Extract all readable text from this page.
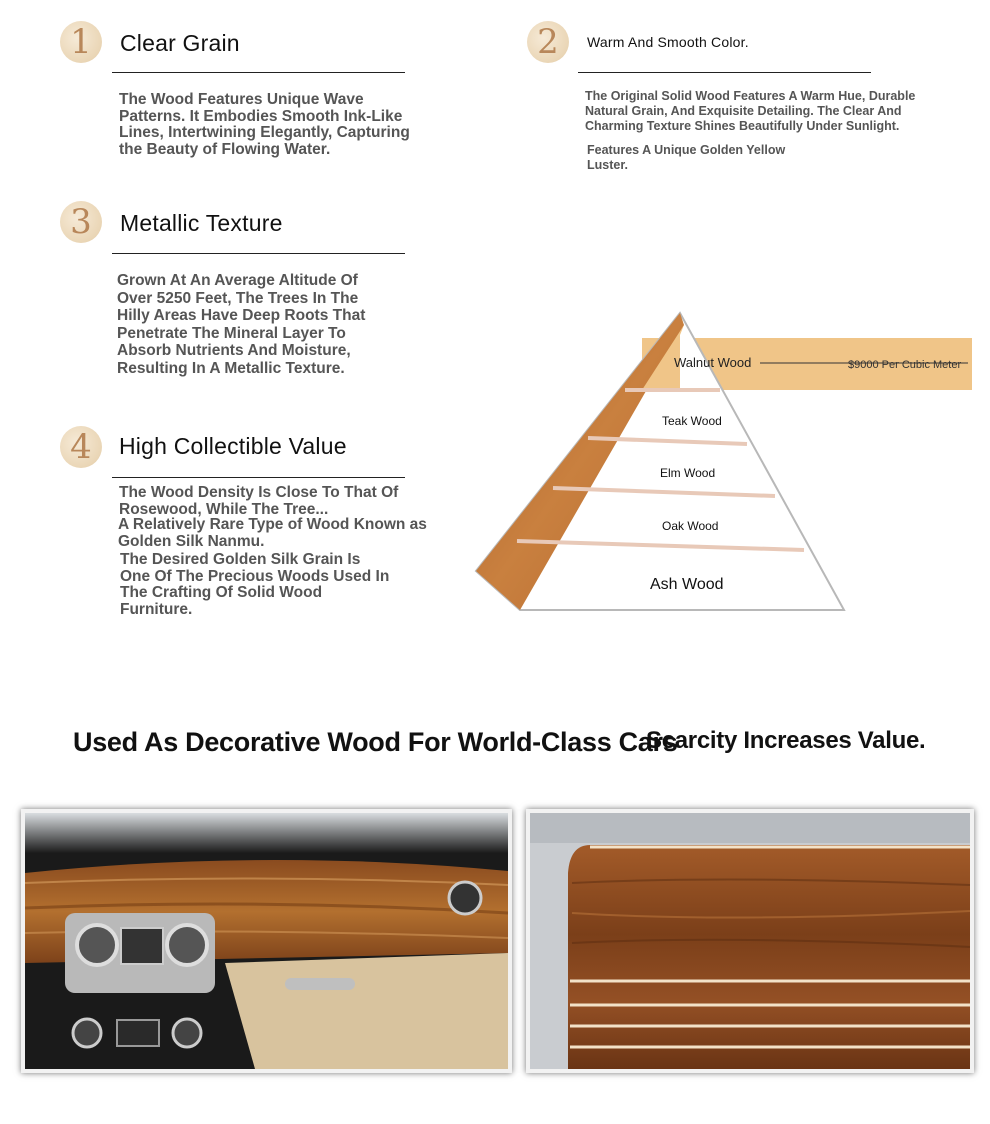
1	Clear Grain
The Wood Features Unique Wave Patterns. It Embodies Smooth Ink-Like Lines, Intertwining Elegantly, Capturing the Beauty of Flowing Water.
2	Warm And Smooth Color.
The Original Solid Wood Features A Warm Hue, Durable Natural Grain, And Exquisite Detailing. The Clear And Charming Texture Shines Beautifully Under Sunlight.
Features A Unique Golden Yellow Luster.
3	Metallic Texture
Grown At An Average Altitude Of Over 5250 Feet, The Trees In The Hilly Areas Have Deep Roots That Penetrate The Mineral Layer To Absorb Nutrients And Moisture, Resulting In A Metallic Texture.
4	High Collectible Value
The Wood Density Is Close To That Of Rosewood, While The Tree...
A Relatively Rare Type of Wood Known as Golden Silk Nanmu.
The Desired Golden Silk Grain Is One Of The Precious Woods Used In The Crafting Of Solid Wood Furniture.
Walnut Wood	$9000 Per Cubic Meter
Teak Wood
Elm Wood
Oak Wood
Ash Wood
Used As Decorative Wood For World-Class Cars
Scarcity Increases Value.
